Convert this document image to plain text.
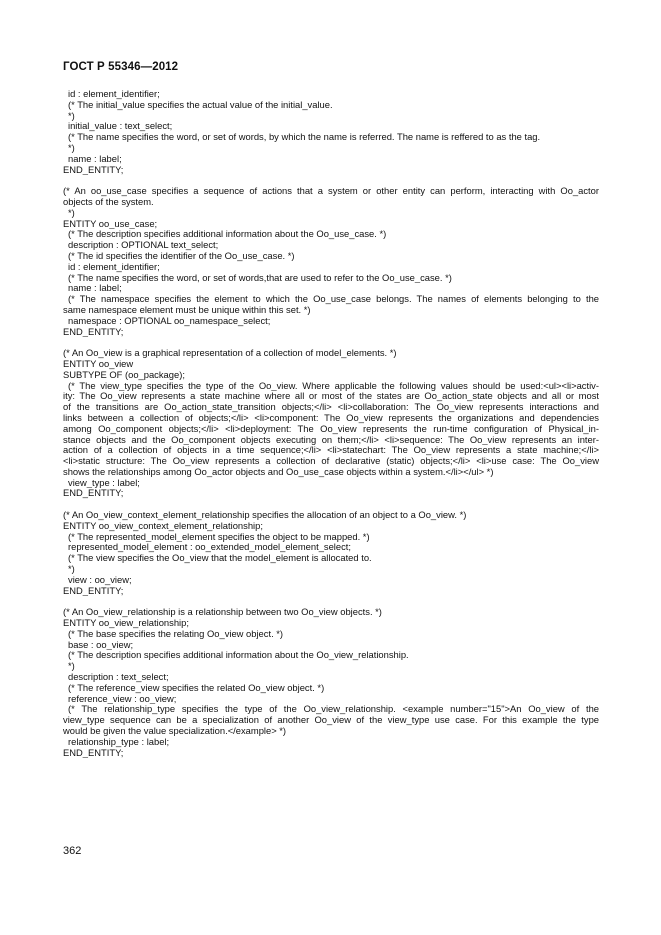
ГОСТ Р 55346—2012
id : element_identifier;
(* The initial_value specifies the actual value of the initial_value.
*)
initial_value : text_select;
(* The name specifies the word, or set of words, by which the name is referred. The name is reffered to as the tag.
*)
name : label;
END_ENTITY;
(* An oo_use_case specifies a sequence of actions that a system or other entity can perform, interacting with Oo_actor
objects of the system.
*)
ENTITY oo_use_case;
(* The description specifies additional information about the Oo_use_case. *)
description : OPTIONAL text_select;
(* The id specifies the identifier of the Oo_use_case. *)
id : element_identifier;
(* The name specifies the word, or set of words,that are used to refer to the Oo_use_case. *)
name : label;
(* The namespace specifies the element to which the Oo_use_case belongs. The names of elements belonging to the
same namespace element must be unique within this set. *)
namespace : OPTIONAL oo_namespace_select;
END_ENTITY;
(* An Oo_view is a graphical representation of a collection of model_elements. *)
ENTITY oo_view
SUBTYPE OF (oo_package);
(* The view_type specifies the type of the Oo_view. Where applicable the following values should be used:<ul><li>activ-
ity: The Oo_view represents a state machine where all or most of the states are Oo_action_state objects and all or most
of the transitions are Oo_action_state_transition objects;</li> <li>collaboration: The Oo_view represents interactions and
links between a collection of objects;</li> <li>component: The Oo_view represents the organizations and dependencies
among Oo_component objects;</li> <li>deployment: The Oo_view represents the run-time configuration of Physical_in-
stance objects and the Oo_component objects executing on them;</li> <li>sequence: The Oo_view represents an inter-
action of a collection of objects in a time sequence;</li> <li>statechart: The Oo_view represents a state machine;</li>
<li>static structure: The Oo_view represents a collection of declarative (static) objects;</li> <li>use case: The Oo_view
shows the relationships among Oo_actor objects and Oo_use_case objects within a system.</li></ul> *)
view_type : label;
END_ENTITY;
(* An Oo_view_context_element_relationship specifies the allocation of an object to a Oo_view. *)
ENTITY oo_view_context_element_relationship;
(* The represented_model_element specifies the object to be mapped. *)
represented_model_element : oo_extended_model_element_select;
(* The view specifies the Oo_view that the model_element is allocated to.
*)
view : oo_view;
END_ENTITY;
(* An Oo_view_relationship is a relationship between two Oo_view objects. *)
ENTITY oo_view_relationship;
(* The base specifies the relating Oo_view object. *)
base : oo_view;
(* The description specifies additional information about the Oo_view_relationship.
*)
description : text_select;
(* The reference_view specifies the related Oo_view object. *)
reference_view : oo_view;
(* The relationship_type specifies the type of the Oo_view_relationship. <example number="15">An Oo_view of the
view_type sequence can be a specialization of another Oo_view of the view_type use case. For this example the type
would be given the value specialization.</example> *)
relationship_type : label;
END_ENTITY;
362
